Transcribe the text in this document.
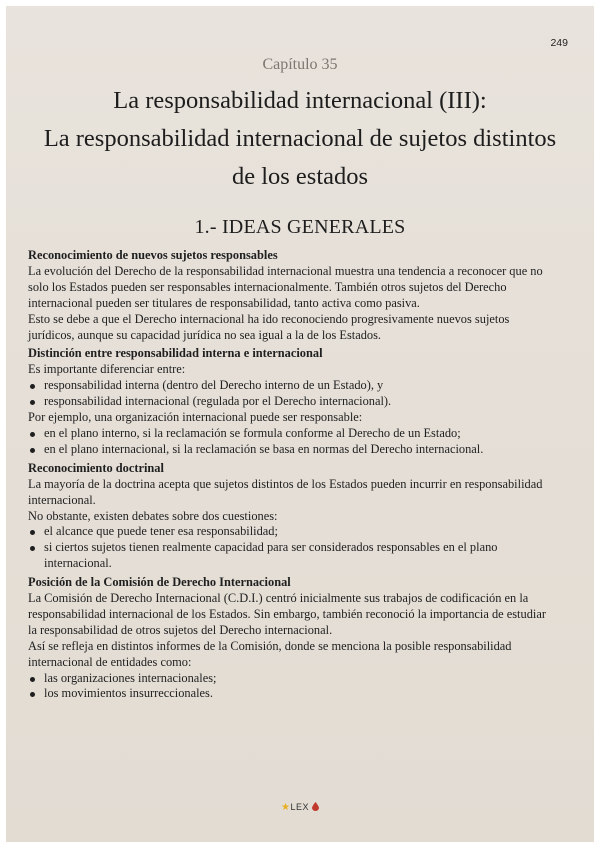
249
Capítulo 35
La responsabilidad internacional (III):
La responsabilidad internacional de sujetos distintos
de los estados
1.- IDEAS GENERALES
Reconocimiento de nuevos sujetos responsables

La evolución del Derecho de la responsabilidad internacional muestra una tendencia a reconocer que no solo los Estados pueden ser responsables internacionalmente. También otros sujetos del Derecho internacional pueden ser titulares de responsabilidad, tanto activa como pasiva.

Esto se debe a que el Derecho internacional ha ido reconociendo progresivamente nuevos sujetos jurídicos, aunque su capacidad jurídica no sea igual a la de los Estados.

Distinción entre responsabilidad interna e internacional

Es importante diferenciar entre:

responsabilidad interna (dentro del Derecho interno de un Estado), y
responsabilidad internacional (regulada por el Derecho internacional).

Por ejemplo, una organización internacional puede ser responsable:

en el plano interno, si la reclamación se formula conforme al Derecho de un Estado;
en el plano internacional, si la reclamación se basa en normas del Derecho internacional.
Reconocimiento doctrinal

La mayoría de la doctrina acepta que sujetos distintos de los Estados pueden incurrir en responsabilidad internacional.

No obstante, existen debates sobre dos cuestiones:

el alcance que puede tener esa responsabilidad;
si ciertos sujetos tienen realmente capacidad para ser considerados responsables en el plano internacional.
Posición de la Comisión de Derecho Internacional

La Comisión de Derecho Internacional (C.D.I.) centró inicialmente sus trabajos de codificación en la responsabilidad internacional de los Estados. Sin embargo, también reconoció la importancia de estudiar la responsabilidad de otros sujetos del Derecho internacional.

Así se refleja en distintos informes de la Comisión, donde se menciona la posible responsabilidad internacional de entidades como:

las organizaciones internacionales;
los movimientos insurreccionales.
★LEX
